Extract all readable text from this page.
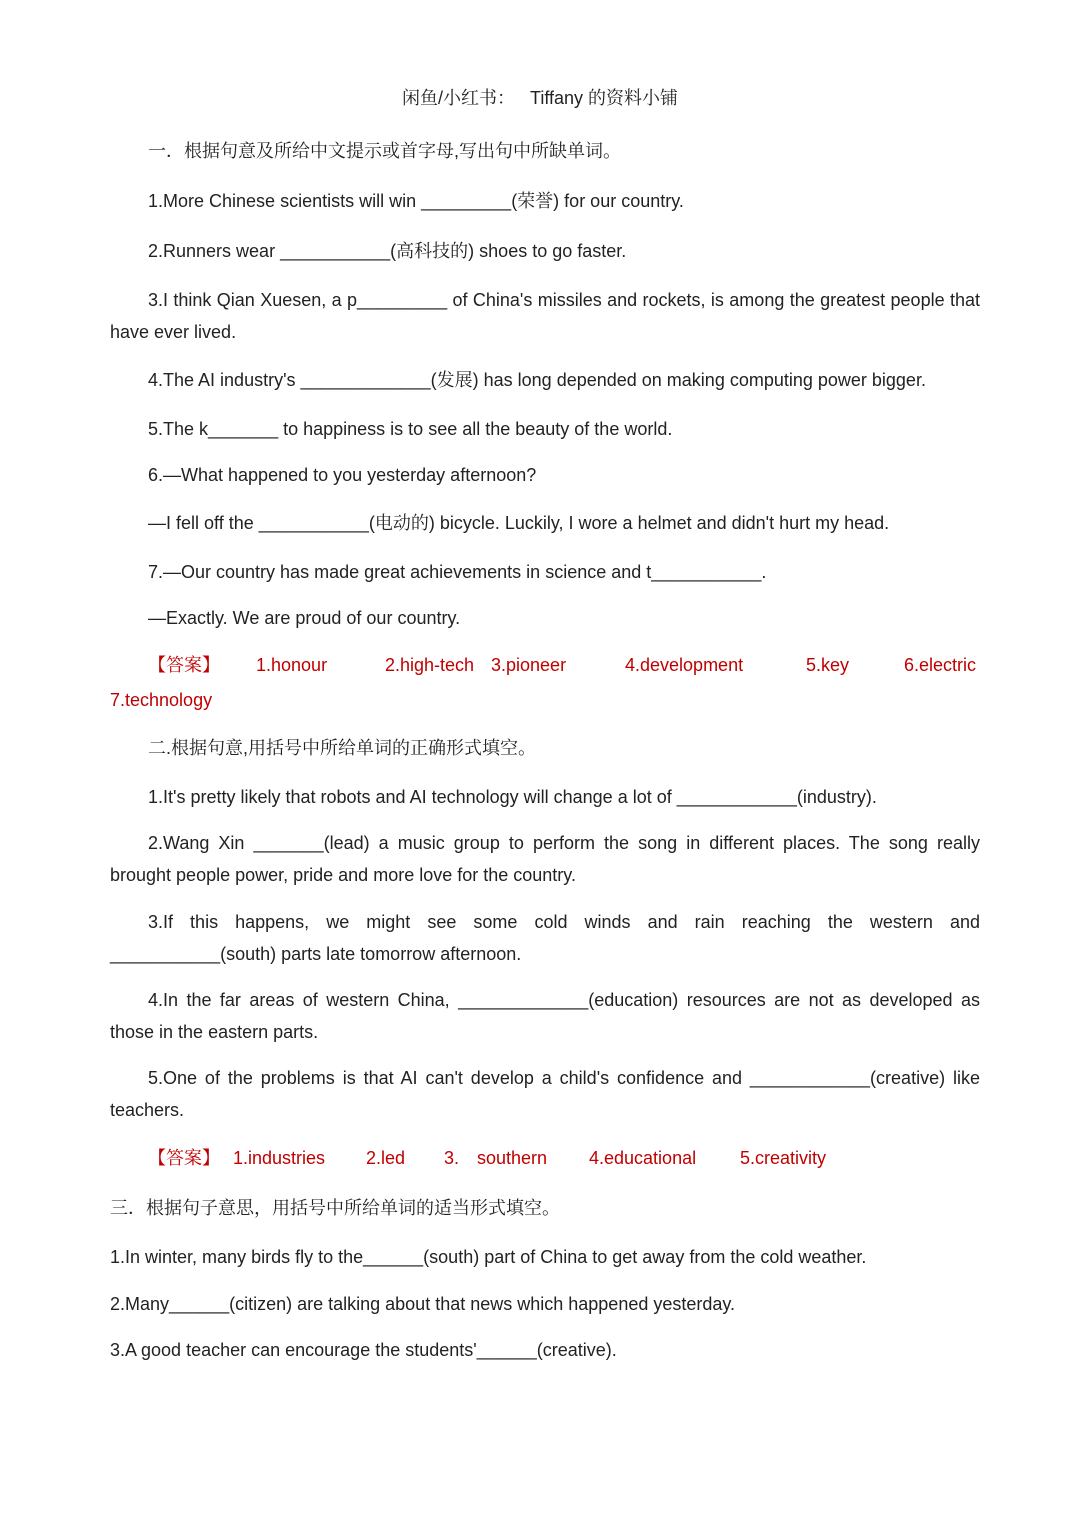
闲鱼/小红书：   Tiffany 的资料小铺
一．根据句意及所给中文提示或首字母,写出句中所缺单词。
1.More Chinese scientists will win _________(荣誉) for our country.
2.Runners wear ___________(高科技的) shoes to go faster.
3.I think Qian Xuesen, a p_________ of China's missiles and rockets, is among the greatest people that have ever lived.
4.The AI industry's _____________(发展) has long depended on making computing power bigger.
5.The k_______ to happiness is to see all the beauty of the world.
6.—What happened to you yesterday afternoon?
—I fell off the ___________(电动的) bicycle. Luckily, I wore a helmet and didn't hurt my head.
7.—Our country has made great achievements in science and t___________.
—Exactly. We are proud of our country.
【答案】 1.honour	2.high-tech 3.pioneer	4.development	5.key	6.electric
7.technology
二.根据句意,用括号中所给单词的正确形式填空。
1.It's pretty likely that robots and AI technology will change a lot of ____________(industry).
2.Wang Xin _______(lead) a music group to perform the song in different places. The song really brought people power, pride and more love for the country.
3.If this happens, we might see some cold winds and rain reaching the western and ___________(south) parts late tomorrow afternoon.
4.In the far areas of western China, _____________(education) resources are not as developed as those in the eastern parts.
5.One of the problems is that AI can't develop a child's confidence and ____________(creative) like teachers.
【答案】 1.industries 2.led 3. southern 4.educational 5.creativity
三．根据句子意思，用括号中所给单词的适当形式填空。
1.In winter, many birds fly to the______(south) part of China to get away from the cold weather.
2.Many______(citizen) are talking about that news which happened yesterday.
3.A good teacher can encourage the students'______(creative).
